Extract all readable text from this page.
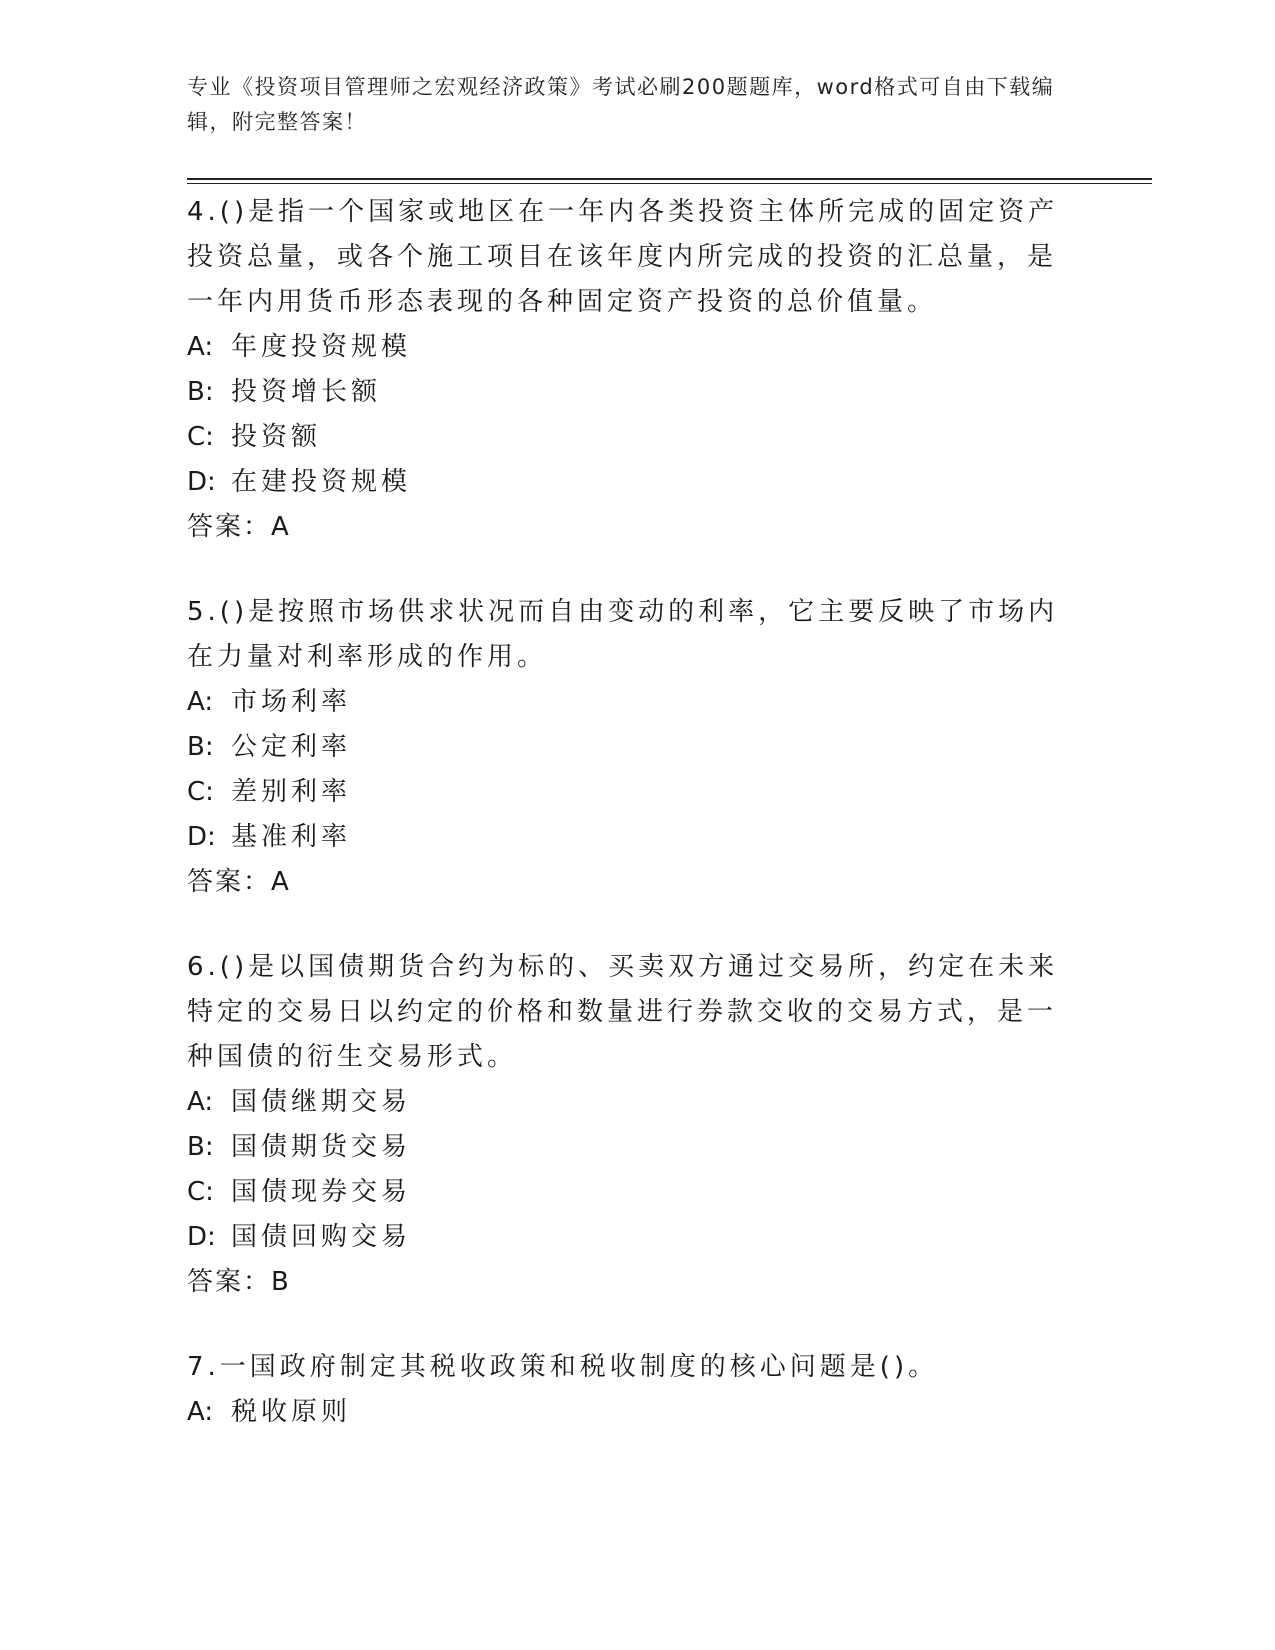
专业《投资项目管理师之宏观经济政策》考试必刷200题题库，word格式可自由下载编辑，附完整答案！

4.()是指一个国家或地区在一年内各类投资主体所完成的固定资产投资总量，或各个施工项目在该年度内所完成的投资的汇总量，是一年内用货币形态表现的各种固定资产投资的总价值量。

A: 年度投资规模

B: 投资增长额

C: 投资额

D: 在建投资规模

答案：A

5.()是按照市场供求状况而自由变动的利率，它主要反映了市场内在力量对利率形成的作用。

A: 市场利率

B: 公定利率

C: 差别利率

D: 基准利率

答案：A

6.()是以国债期货合约为标的、买卖双方通过交易所，约定在未来特定的交易日以约定的价格和数量进行券款交收的交易方式，是一种国债的衍生交易形式。

A: 国债继期交易

B: 国债期货交易

C: 国债现券交易

D: 国债回购交易

答案：B

7.一国政府制定其税收政策和税收制度的核心问题是()。

A: 税收原则
